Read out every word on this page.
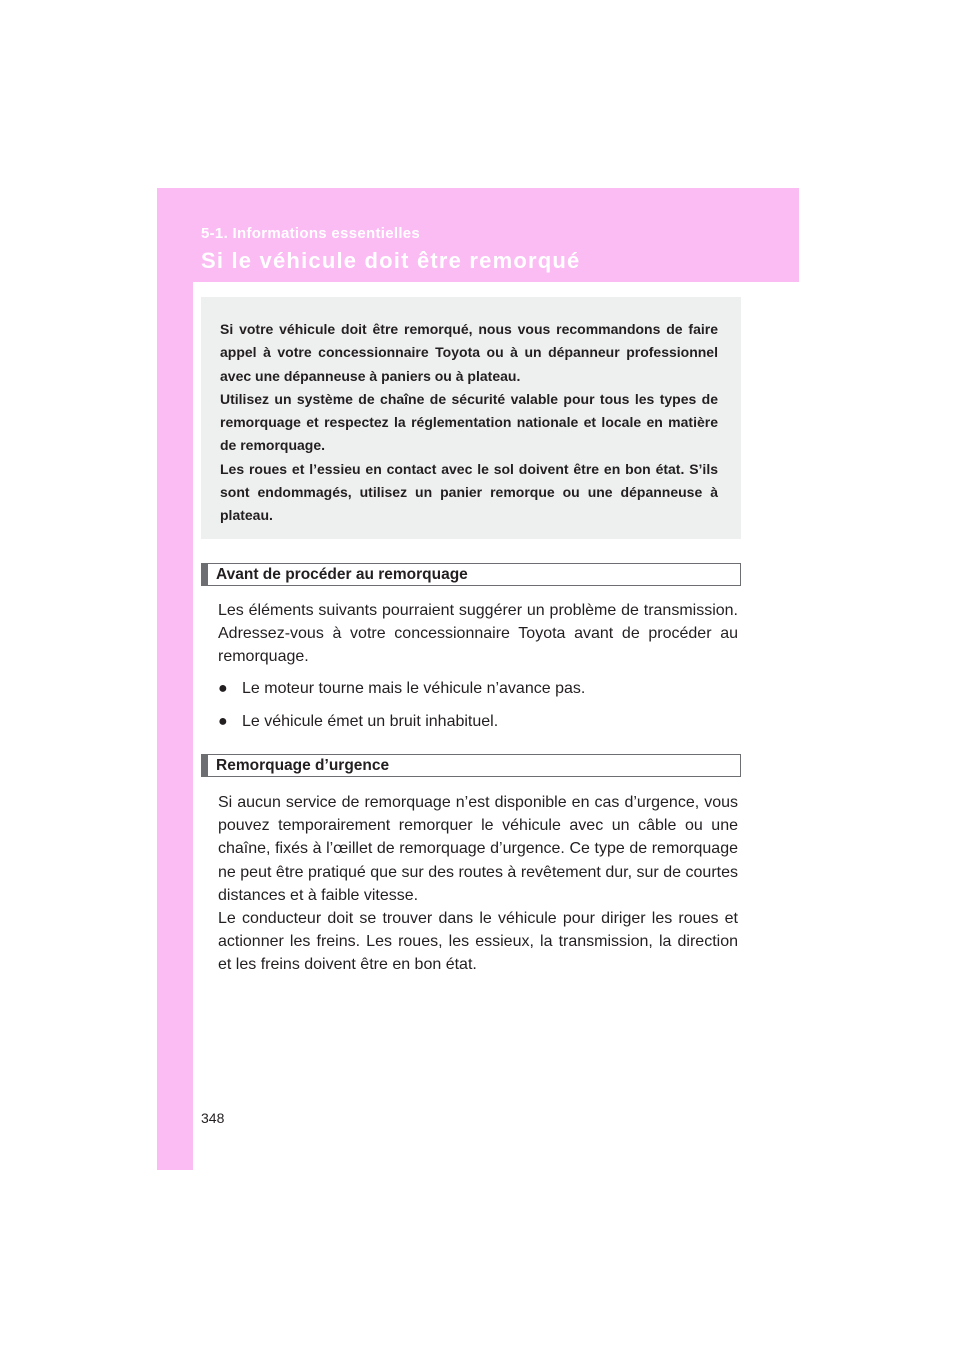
5-1. Informations essentielles
Si le véhicule doit être remorqué

Si votre véhicule doit être remorqué, nous vous recommandons de faire appel à votre concessionnaire Toyota ou à un dépanneur professionnel avec une dépanneuse à paniers ou à plateau.

Utilisez un système de chaîne de sécurité valable pour tous les types de remorquage et respectez la réglementation nationale et locale en matière de remorquage.

Les roues et l’essieu en contact avec le sol doivent être en bon état. S’ils sont endommagés, utilisez un panier remorque ou une dépanneuse à plateau.

Avant de procéder au remorquage

Les éléments suivants pourraient suggérer un problème de transmission. Adressez-vous à votre concessionnaire Toyota avant de procéder au remorquage.

● Le moteur tourne mais le véhicule n’avance pas.
● Le véhicule émet un bruit inhabituel.
Remorquage d’urgence

Si aucun service de remorquage n’est disponible en cas d’urgence, vous pouvez temporairement remorquer le véhicule avec un câble ou une chaîne, fixés à l’œillet de remorquage d’urgence. Ce type de remorquage ne peut être pratiqué que sur des routes à revêtement dur, sur de courtes distances et à faible vitesse.

Le conducteur doit se trouver dans le véhicule pour diriger les roues et actionner les freins. Les roues, les essieux, la transmission, la direction et les freins doivent être en bon état.

348
